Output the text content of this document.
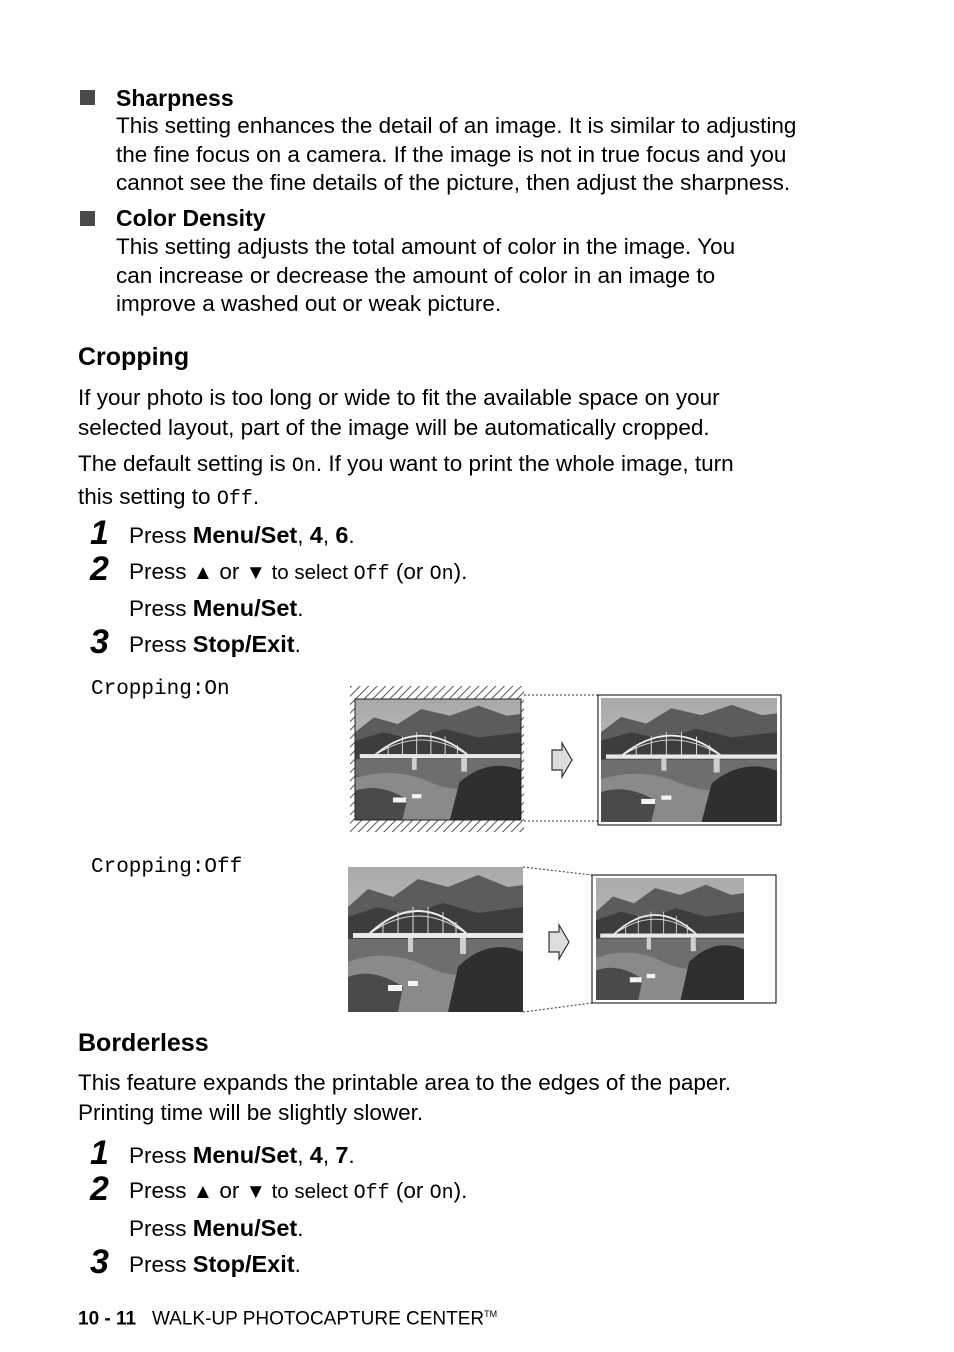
Sharpness
This setting enhances the detail of an image. It is similar to adjusting
the fine focus on a camera. If the image is not in true focus and you
cannot see the fine details of the picture, then adjust the sharpness.
Color Density
This setting adjusts the total amount of color in the image. You
can increase or decrease the amount of color in an image to
improve a washed out or weak picture.
Cropping
If your photo is too long or wide to fit the available space on your
selected layout, part of the image will be automatically cropped.
The default setting is On. If you want to print the whole image, turn
this setting to Off.
1 Press Menu/Set, 4, 6.
2 Press ▲ or ▼ to select Off (or On).
Press Menu/Set.
3 Press Stop/Exit.
Cropping:On
Cropping:Off
Borderless
This feature expands the printable area to the edges of the paper.
Printing time will be slightly slower.
1 Press Menu/Set, 4, 7.
2 Press ▲ or ▼ to select Off (or On).
Press Menu/Set.
3 Press Stop/Exit.
10 - 11 WALK-UP PHOTOCAPTURE CENTER™
